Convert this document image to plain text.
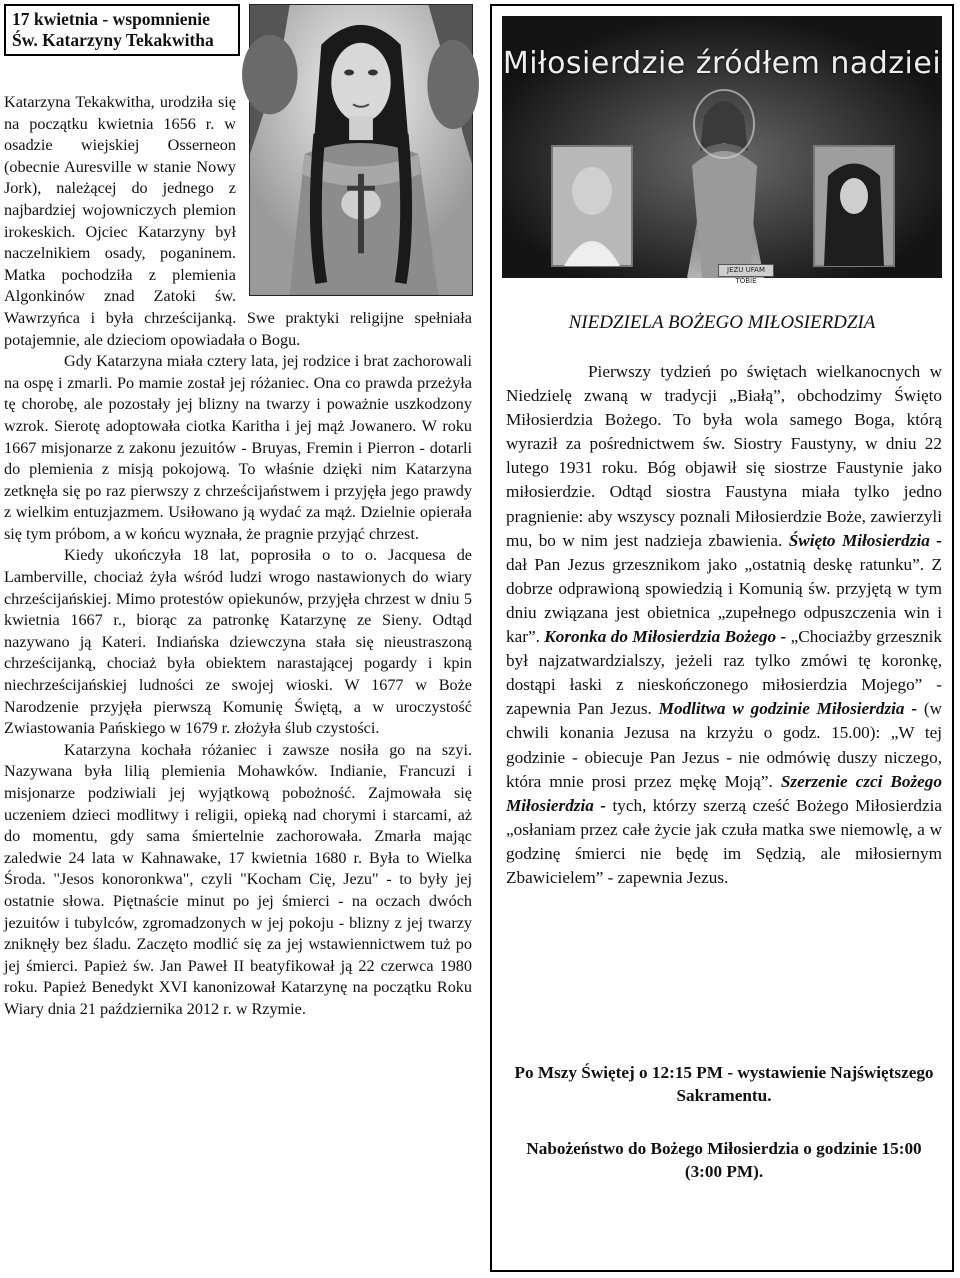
17 kwietnia - wspomnienie
Św. Katarzyny Tekakwitha

Katarzyna Tekakwitha, urodziła się na początku kwietnia 1656 r. w osadzie wiejskiej Osserneon (obecnie Auresville w stanie Nowy Jork), należącej do jednego z najbardziej wojowniczych plemion irokeskich. Ojciec Katarzyny był naczelnikiem osady, poganinem. Matka pochodziła z plemienia Algonkinów znad Zatoki św. Wawrzyńca i była chrześcijanką. Swe praktyki religijne spełniała potajemnie, ale dzieciom opowiadała o Bogu.

Gdy Katarzyna miała cztery lata, jej rodzice i brat zachorowali na ospę i zmarli. Po mamie został jej różaniec. Ona co prawda przeżyła tę chorobę, ale pozostały jej blizny na twarzy i poważnie uszkodzony wzrok. Sierotę adoptowała ciotka Karitha i jej mąż Jowanero. W roku 1667 misjonarze z zakonu jezuitów - Bruyas, Fremin i Pierron - dotarli do plemienia z misją pokojową. To właśnie dzięki nim Katarzyna zetknęła się po raz pierwszy z chrześcijaństwem i przyjęła jego prawdy z wielkim entuzjazmem. Usiłowano ją wydać za mąż. Dzielnie opierała się tym próbom, a w końcu wyznała, że pragnie przyjąć chrzest.

Kiedy ukończyła 18 lat, poprosiła o to o. Jacquesa de Lamberville, chociaż żyła wśród ludzi wrogo nastawionych do wiary chrześcijańskiej. Mimo protestów opiekunów, przyjęła chrzest w dniu 5 kwietnia 1667 r., biorąc za patronkę Katarzynę ze Sieny. Odtąd nazywano ją Kateri. Indiańska dziewczyna stała się nieustraszoną chrześcijanką, chociaż była obiektem narastającej pogardy i kpin niechrześcijańskiej ludności ze swojej wioski. W 1677 w Boże Narodzenie przyjęła pierwszą Komunię Świętą, a w uroczystość Zwiastowania Pańskiego w 1679 r. złożyła ślub czystości.

Katarzyna kochała różaniec i zawsze nosiła go na szyi. Nazywana była lilią plemienia Mohawków. Indianie, Francuzi i misjonarze podziwiali jej wyjątkową pobożność. Zajmowała się uczeniem dzieci modlitwy i religii, opieką nad chorymi i starcami, aż do momentu, gdy sama śmiertelnie zachorowała. Zmarła mając zaledwie 24 lata w Kahnawake, 17 kwietnia 1680 r. Była to Wielka Środa. "Jesos konoronkwa", czyli "Kocham Cię, Jezu" - to były jej ostatnie słowa. Piętnaście minut po jej śmierci - na oczach dwóch jezuitów i tubylców, zgromadzonych w jej pokoju - blizny z jej twarzy zniknęły bez śladu. Zaczęto modlić się za jej wstawiennictwem tuż po jej śmierci. Papież św. Jan Paweł II beatyfikował ją 22 czerwca 1980 roku. Papież Benedykt XVI kanonizował Katarzynę na początku Roku Wiary dnia 21 października 2012 r. w Rzymie.

Miłosierdzie źródłem nadziei
JEZU UFAM TOBIE
NIEDZIELA BOŻEGO MIŁOSIERDZIA

Pierwszy tydzień po świętach wielkanocnych w Niedzielę zwaną w tradycji „Białą”, obchodzimy Święto Miłosierdzia Bożego. To była wola samego Boga, którą wyraził za pośrednictwem św. Siostry Faustyny, w dniu 22 lutego 1931 roku. Bóg objawił się siostrze Faustynie jako miłosierdzie. Odtąd siostra Faustyna miała tylko jedno pragnienie: aby wszyscy poznali Miłosierdzie Boże, zawierzyli mu, bo w nim jest nadzieja zbawienia. Święto Miłosierdzia - dał Pan Jezus grzesznikom jako „ostatnią deskę ratunku”. Z dobrze odprawioną spowiedzią i Komunią św. przyjętą w tym dniu związana jest obietnica „zupełnego odpuszczenia win i kar”. Koronka do Miłosierdzia Bożego - „Chociażby grzesznik był najzatwardzialszy, jeżeli raz tylko zmówi tę koronkę, dostąpi łaski z nieskończonego miłosierdzia Mojego” - zapewnia Pan Jezus. Modlitwa w godzinie Miłosierdzia - (w chwili konania Jezusa na krzyżu o godz. 15.00): „W tej godzinie - obiecuje Pan Jezus - nie odmówię duszy niczego, która mnie prosi przez mękę Moją”. Szerzenie czci Bożego Miłosierdzia - tych, którzy szerzą cześć Bożego Miłosierdzia „osłaniam przez całe życie jak czuła matka swe niemowlę, a w godzinę śmierci nie będę im Sędzią, ale miłosiernym Zbawicielem” - zapewnia Jezus.

Po Mszy Świętej o 12:15 PM - wystawienie Najświętszego Sakramentu.
Nabożeństwo do Bożego Miłosierdzia o godzinie 15:00 (3:00 PM).
